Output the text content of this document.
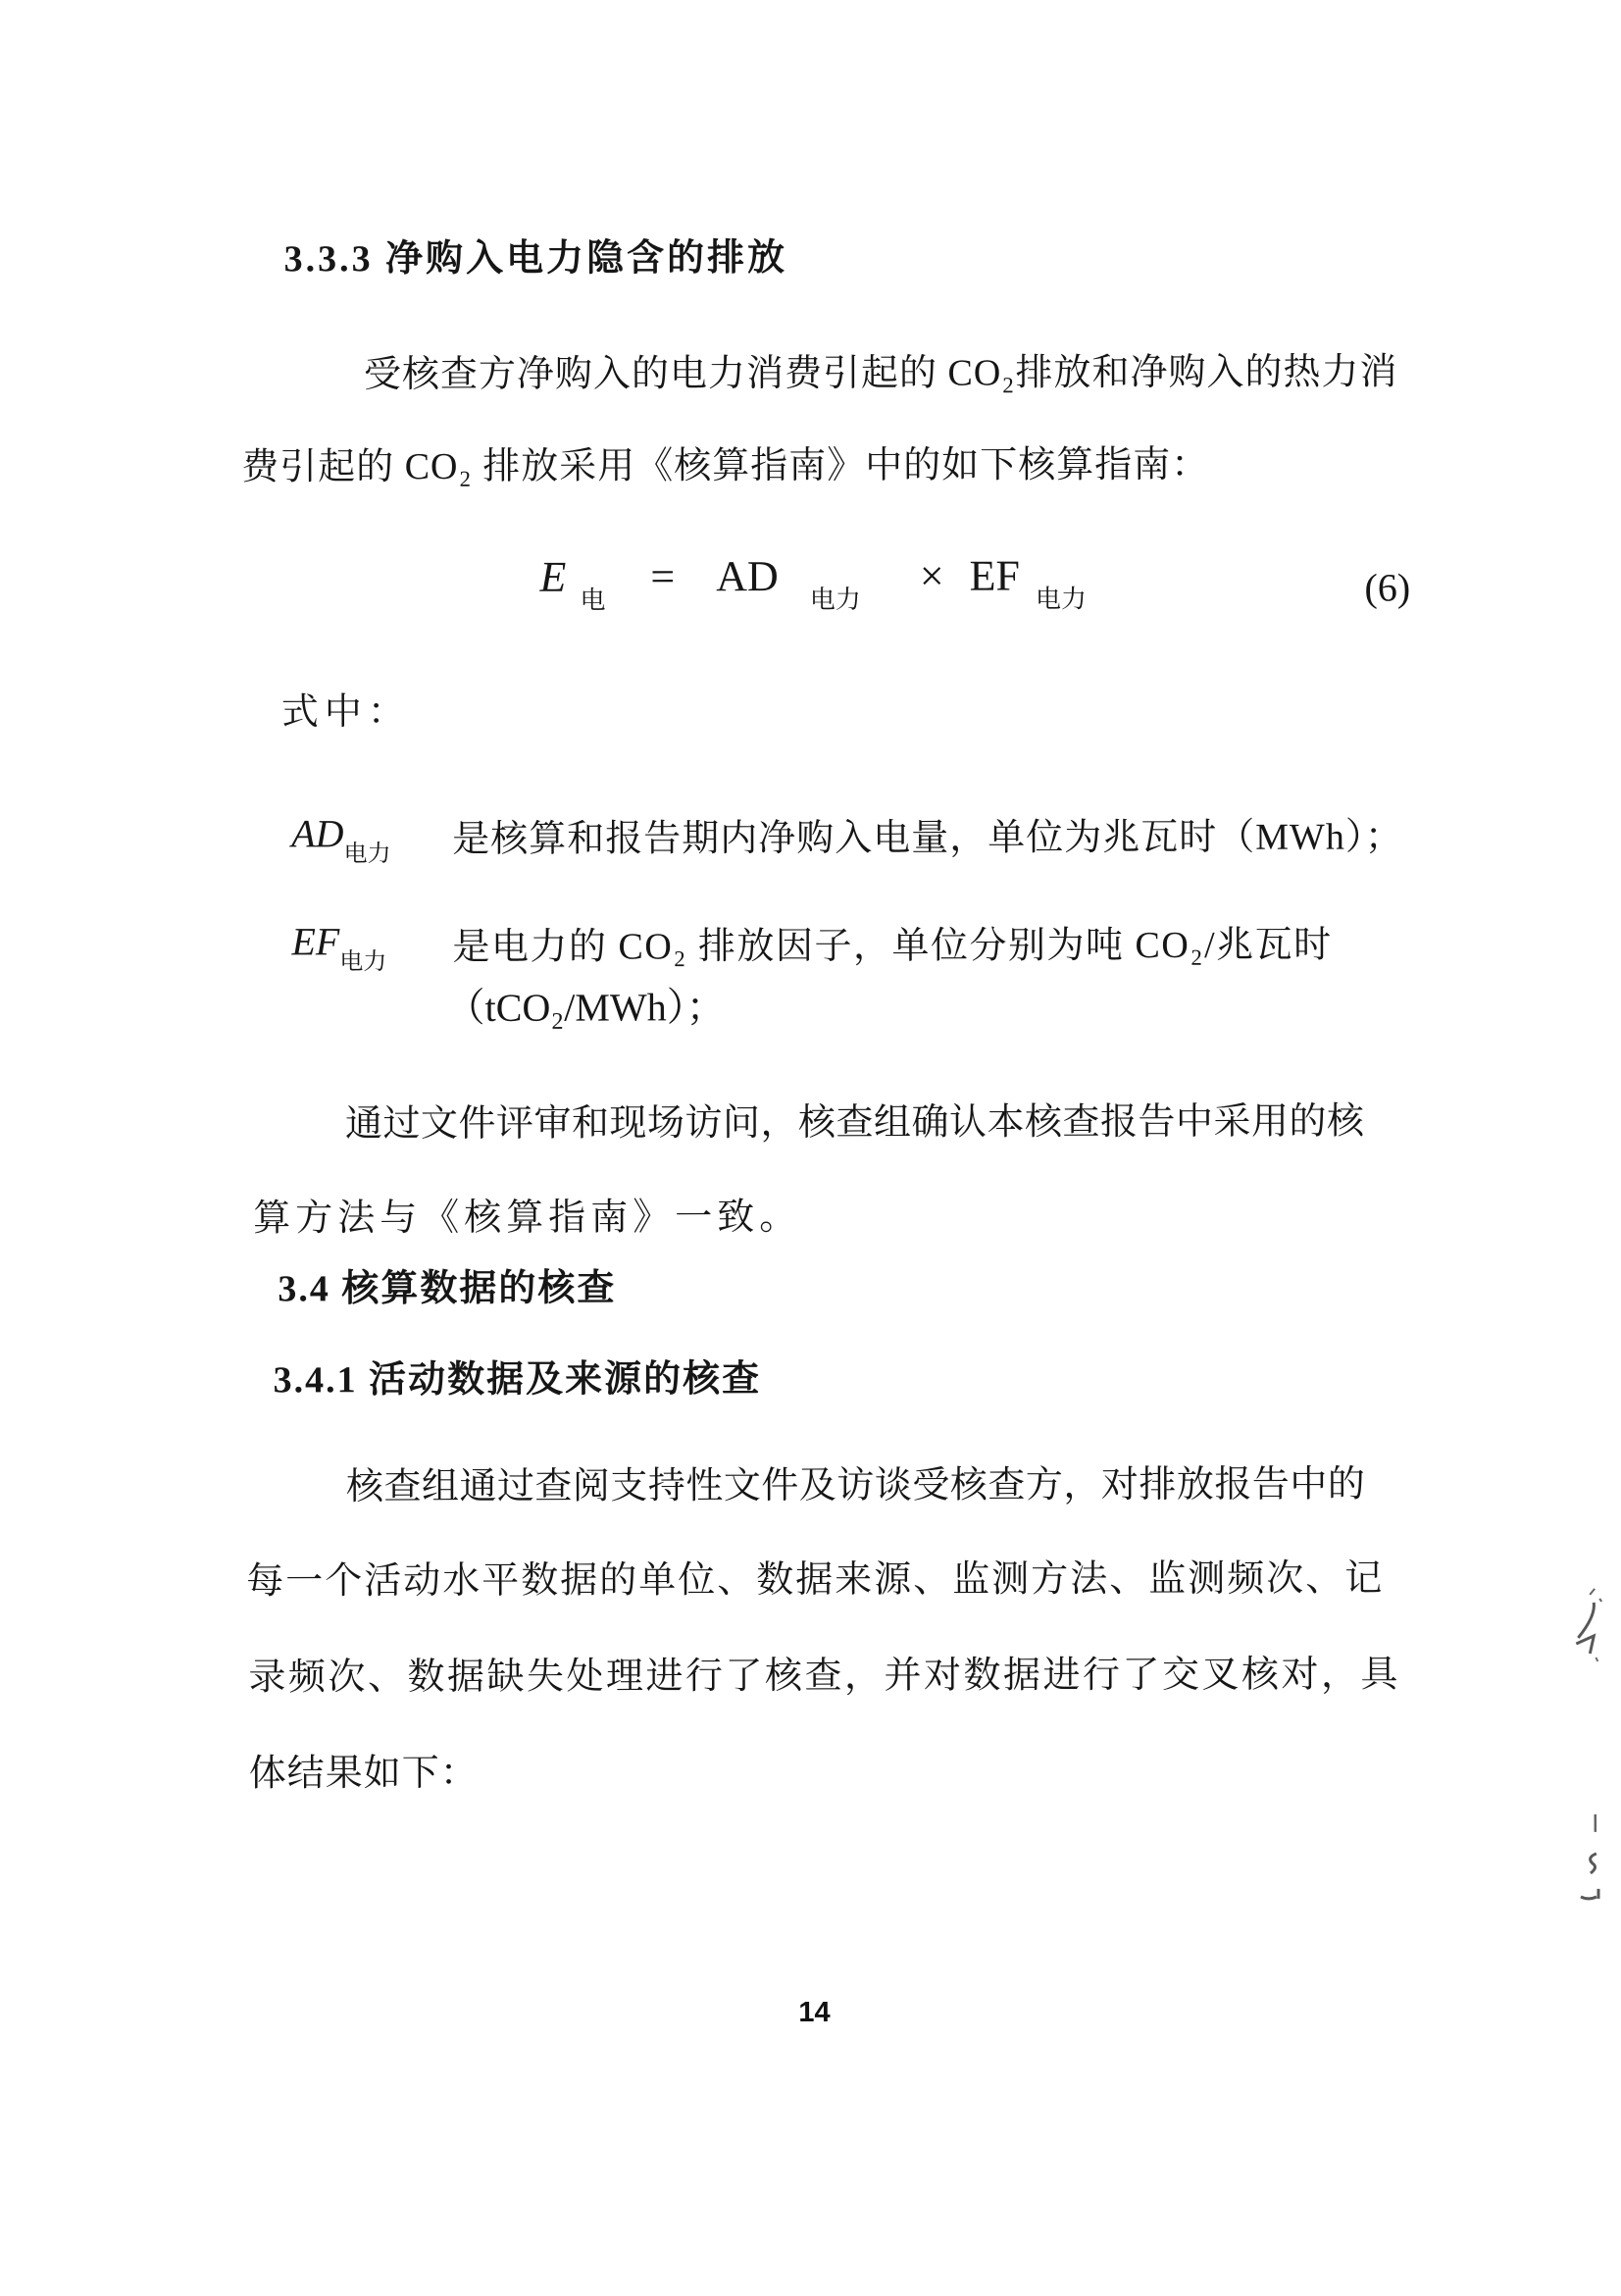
3.3.3 净购入电力隐含的排放
受核查方净购入的电力消费引起的 CO₂排放和净购入的热力消
费引起的 CO₂ 排放采用《核算指南》中的如下核算指南：
E $_电$ = AD $_{电力}$ × EF $_{电力}$	(6)
式中：
$AD_{电力}$ 是核算和报告期内净购入电量，单位为兆瓦时（MWh）；
$EF_{电力}$ 是电力的 CO₂ 排放因子，单位分别为吨 CO₂/兆瓦时
（tCO₂/MWh）；
通过文件评审和现场访问，核查组确认本核查报告中采用的核
算方法与《核算指南》一致。
3.4 核算数据的核查
3.4.1 活动数据及来源的核查
核查组通过查阅支持性文件及访谈受核查方，对排放报告中的
每一个活动水平数据的单位、数据来源、监测方法、监测频次、记
录频次、数据缺失处理进行了核查，并对数据进行了交叉核对，具
体结果如下：
14
